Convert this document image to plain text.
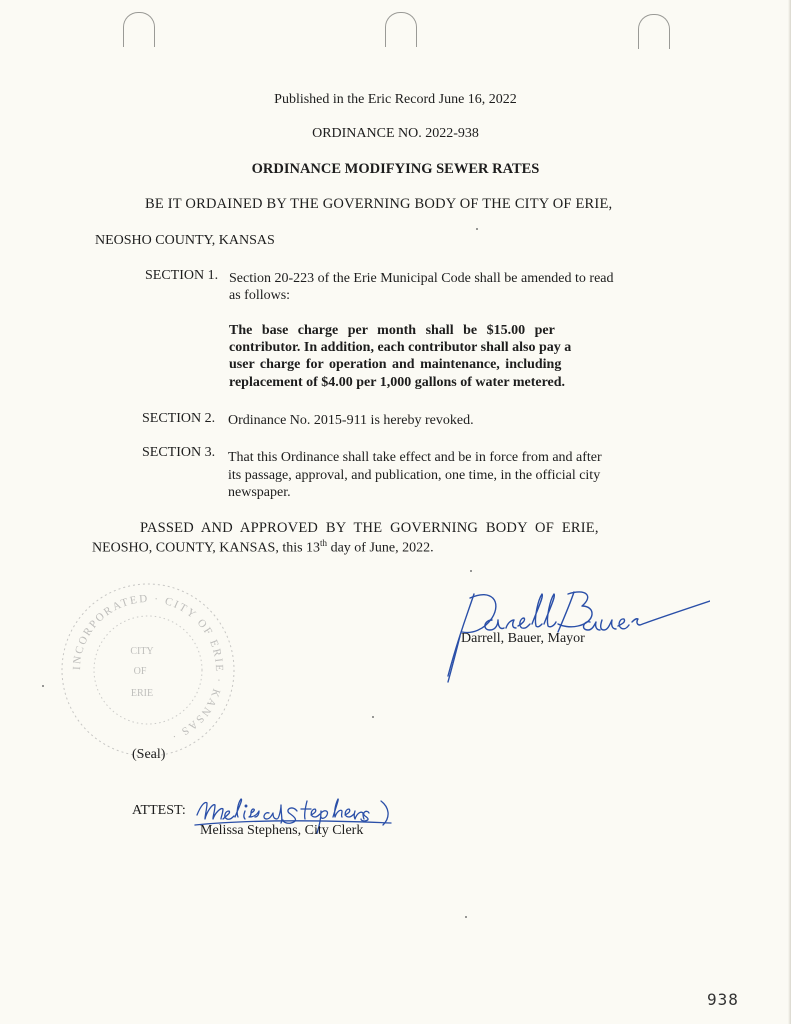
Published in the Eric Record June 16, 2022
ORDINANCE NO. 2022-938
ORDINANCE MODIFYING SEWER RATES
BE IT ORDAINED BY THE GOVERNING BODY OF THE CITY OF ERIE,
NEOSHO COUNTY, KANSAS
SECTION 1. Section 20-223 of the Erie Municipal Code shall be amended to read
as follows:
The base charge per month shall be $15.00 per
contributor. In addition, each contributor shall also pay a
user charge for operation and maintenance, including
replacement of $4.00 per 1,000 gallons of water metered.
SECTION 2. Ordinance No. 2015-911 is hereby revoked.
SECTION 3. That this Ordinance shall take effect and be in force from and after
its passage, approval, and publication, one time, in the official city
newspaper.
PASSED AND APPROVED BY THE GOVERNING BODY OF ERIE,
NEOSHO, COUNTY, KANSAS, this 13th day of June, 2022.
Darrell, Bauer, Mayor
INCORPORATED · CITY OF ERIE · KANSAS ·
CITY
OF
ERIE
(Seal)
ATTEST:
Melissa Stephens, City Clerk
938
